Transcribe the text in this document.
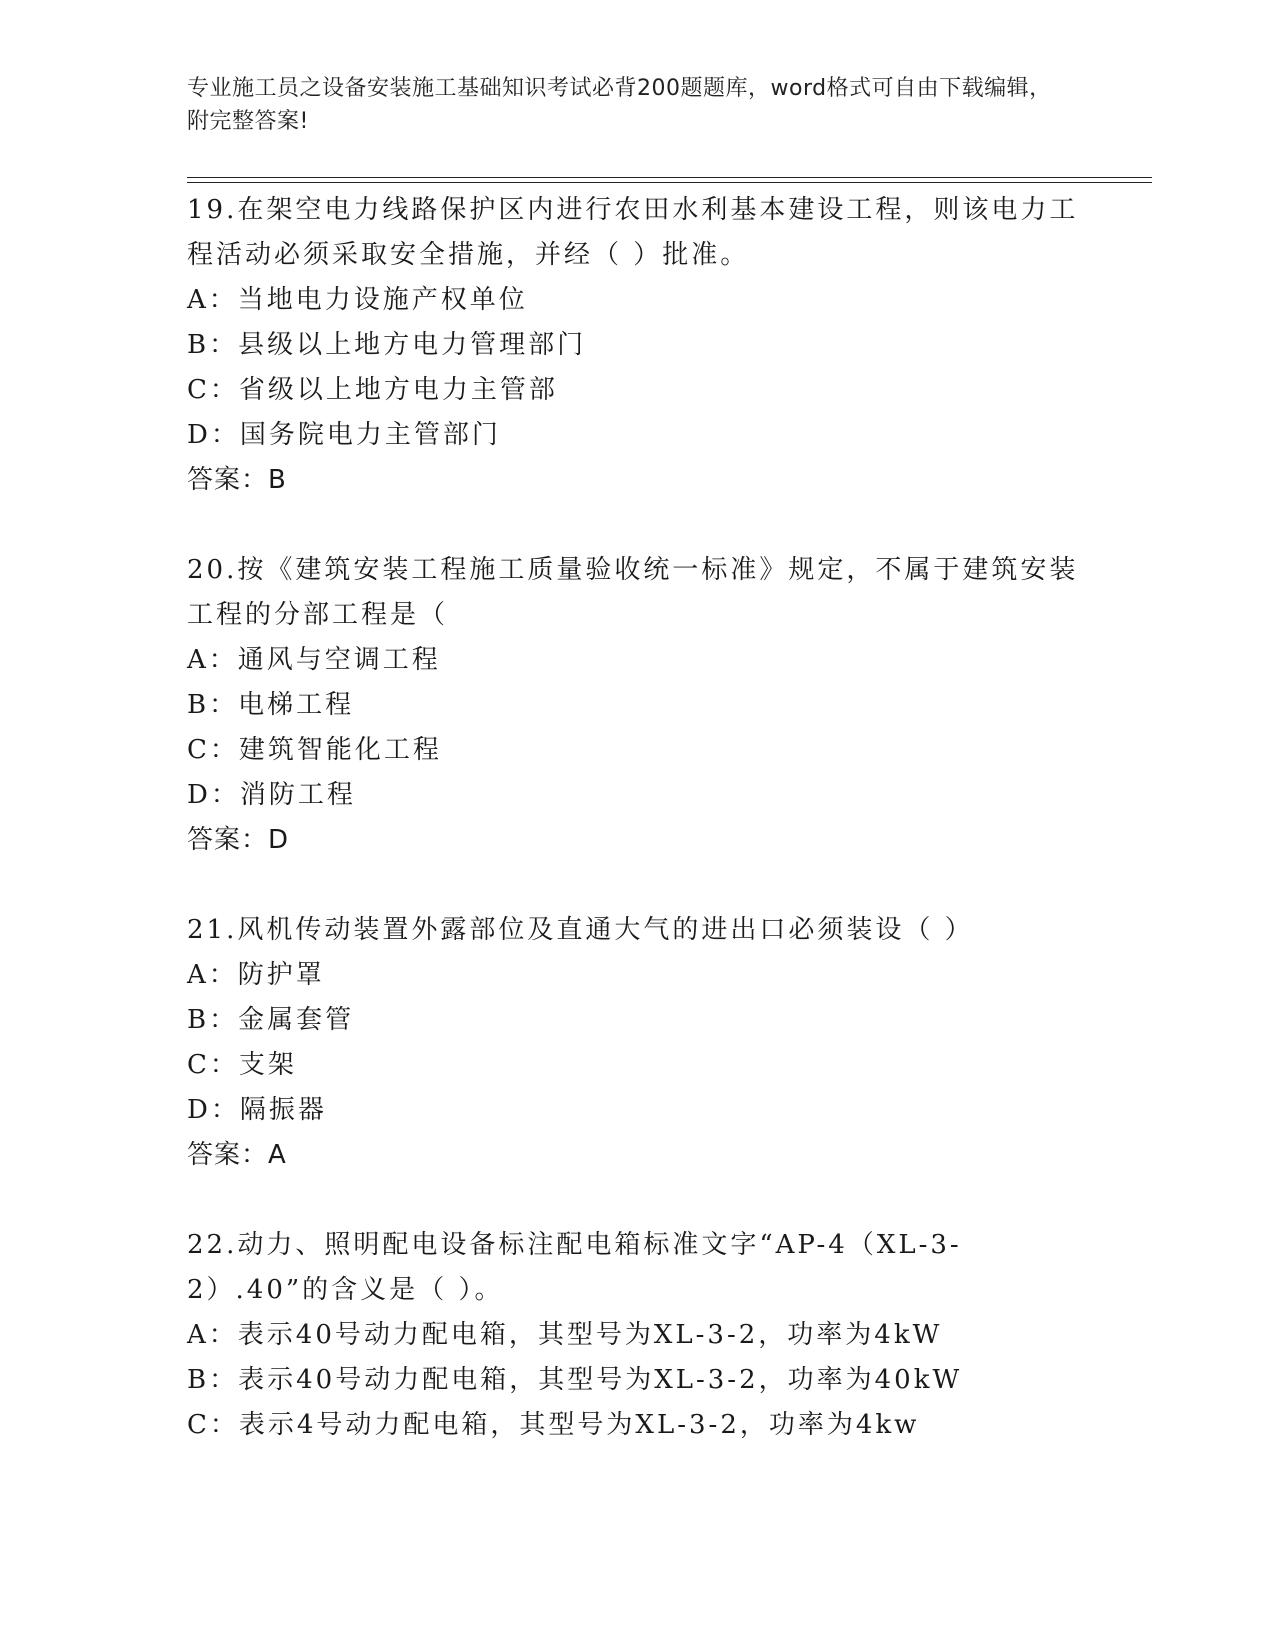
专业施工员之设备安装施工基础知识考试必背200题题库，word格式可自由下载编辑，附完整答案!

19.在架空电力线路保护区内进行农田水利基本建设工程，则该电力工程活动必须采取安全措施，并经（ ）批准。

A：当地电力设施产权单位

B：县级以上地方电力管理部门

C：省级以上地方电力主管部

D：国务院电力主管部门

答案：B

20.按《建筑安装工程施工质量验收统一标准》规定，不属于建筑安装工程的分部工程是（

A：通风与空调工程

B：电梯工程

C：建筑智能化工程

D：消防工程

答案：D

21.风机传动装置外露部位及直通大气的进出口必须装设（ ）

A：防护罩

B：金属套管

C：支架

D：隔振器

答案：A

22.动力、照明配电设备标注配电箱标准文字“AP-4（XL-3-2）.40”的含义是（ ）。

A：表示40号动力配电箱，其型号为XL-3-2，功率为4kW

B：表示40号动力配电箱，其型号为XL-3-2，功率为40kW

C：表示4号动力配电箱，其型号为XL-3-2，功率为4kw
